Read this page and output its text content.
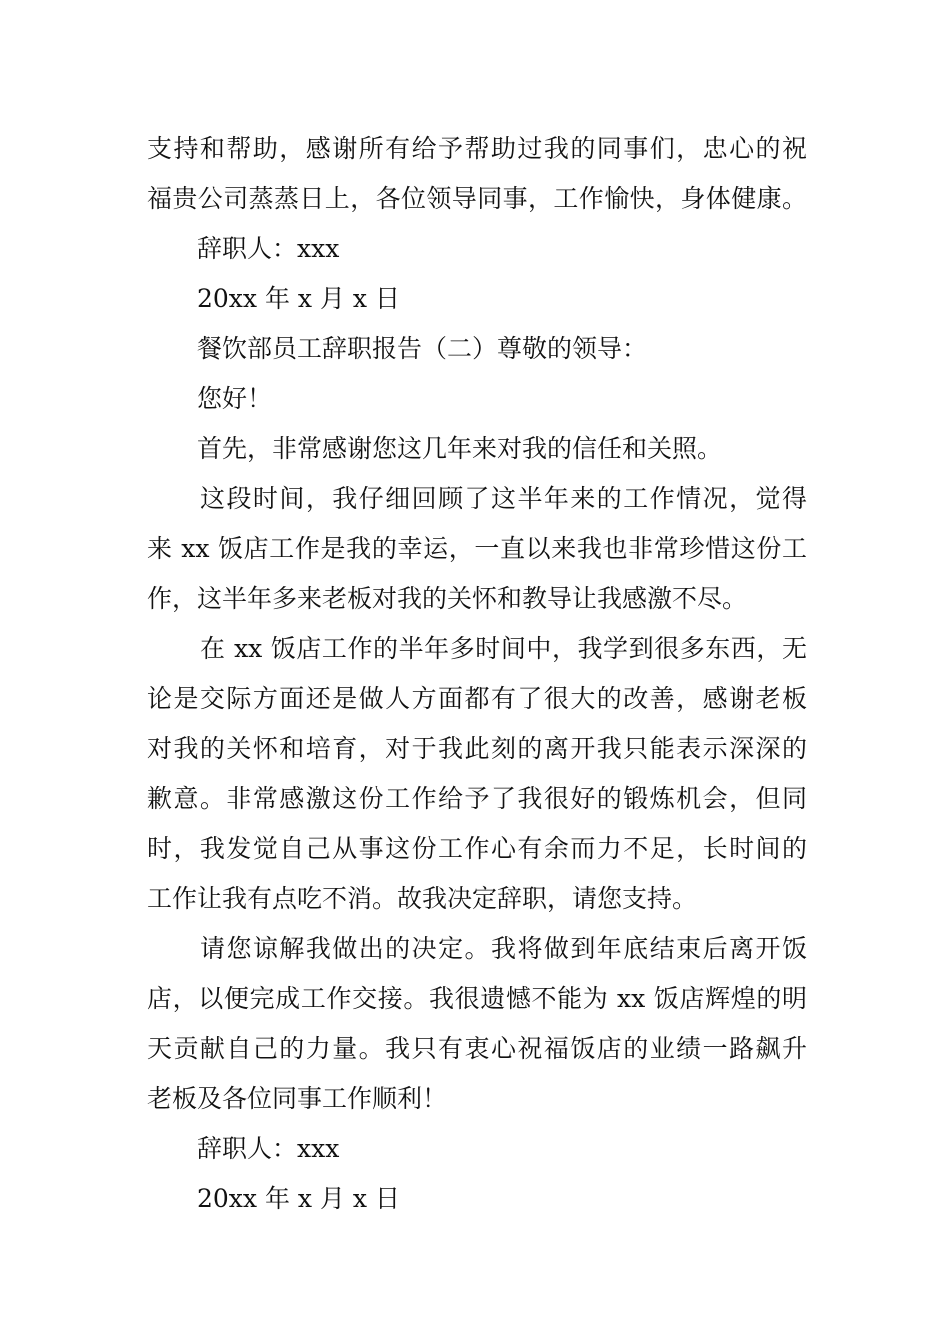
支持和帮助，感谢所有给予帮助过我的同事们，忠心的祝
福贵公司蒸蒸日上，各位领导同事，工作愉快，身体健康。
辞职人：xxx
20xx 年 x 月 x 日
餐饮部员工辞职报告（二）尊敬的领导：
您好！
首先，非常感谢您这几年来对我的信任和关照。
这段时间，我仔细回顾了这半年来的工作情况，觉得
来 xx 饭店工作是我的幸运，一直以来我也非常珍惜这份工
作，这半年多来老板对我的关怀和教导让我感激不尽。
在 xx 饭店工作的半年多时间中，我学到很多东西，无
论是交际方面还是做人方面都有了很大的改善，感谢老板
对我的关怀和培育，对于我此刻的离开我只能表示深深的
歉意。非常感激这份工作给予了我很好的锻炼机会，但同
时，我发觉自己从事这份工作心有余而力不足，长时间的
工作让我有点吃不消。故我决定辞职，请您支持。
请您谅解我做出的决定。我将做到年底结束后离开饭
店，以便完成工作交接。我很遗憾不能为 xx 饭店辉煌的明
天贡献自己的力量。我只有衷心祝福饭店的业绩一路飙升
老板及各位同事工作顺利！
辞职人：xxx
20xx 年 x 月 x 日
